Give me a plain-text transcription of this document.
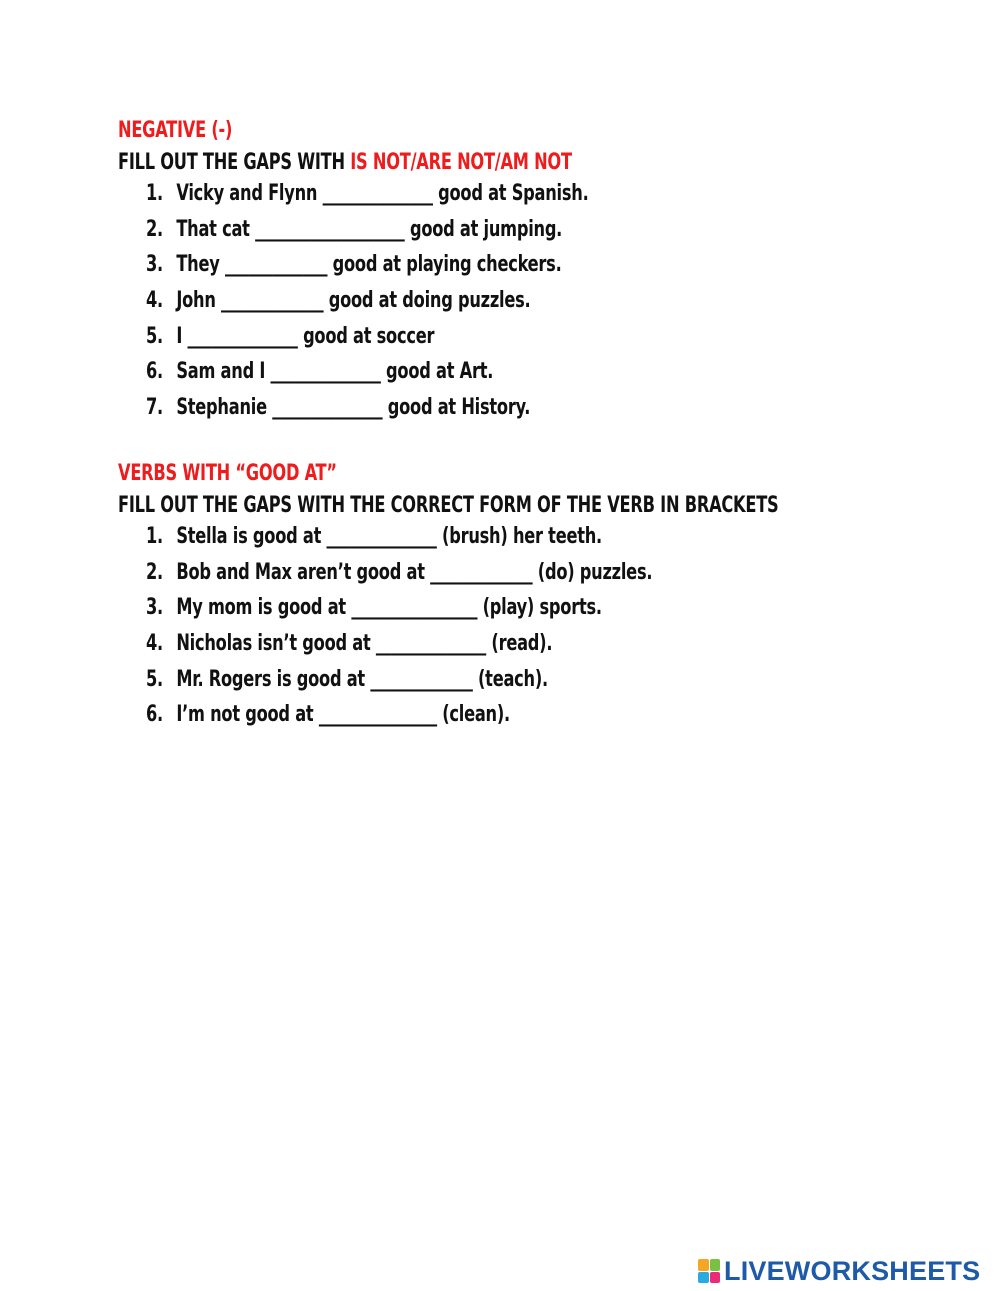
NEGATIVE (-)
FILL OUT THE GAPS WITH IS NOT/ARE NOT/AM NOT
1. Vicky and Flynn ______________ good at Spanish.
2. That cat ___________________ good at jumping.
3. They _____________ good at playing checkers.
4. John _____________ good at doing puzzles.
5. I ______________ good at soccer
6. Sam and I ______________ good at Art.
7. Stephanie ______________ good at History.
VERBS WITH “GOOD AT”
FILL OUT THE GAPS WITH THE CORRECT FORM OF THE VERB IN BRACKETS
1. Stella is good at ______________ (brush) her teeth.
2. Bob and Max aren’t good at _____________ (do) puzzles.
3. My mom is good at ________________ (play) sports.
4. Nicholas isn’t good at ______________ (read).
5. Mr. Rogers is good at _____________ (teach).
6. I’m not good at _______________ (clean).
LIVEWORKSHEETS
